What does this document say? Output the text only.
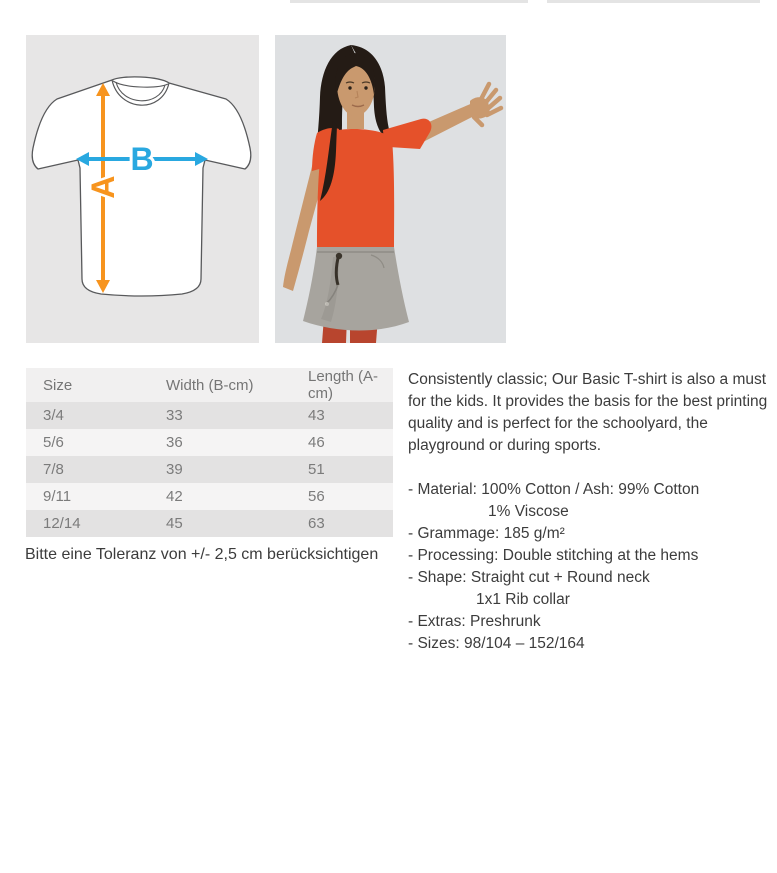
A
B
Size	Width (B-cm)	Length (A-cm)
3/4	33	43
5/6	36	46
7/8	39	51
9/11	42	56
12/14	45	63
Bitte eine Toleranz von +/- 2,5 cm berücksichtigen
Consistently classic; Our Basic T-shirt is also a must for the kids. It provides the basis for the best printing quality and is perfect for the schoolyard, the playground or during sports.
- Material: 100% Cotton / Ash: 99% Cotton
1% Viscose
- Grammage: 185 g/m²
- Processing: Double stitching at the hems
- Shape: Straight cut + Round neck
1x1 Rib collar
- Extras: Preshrunk
- Sizes: 98/104 – 152/164
